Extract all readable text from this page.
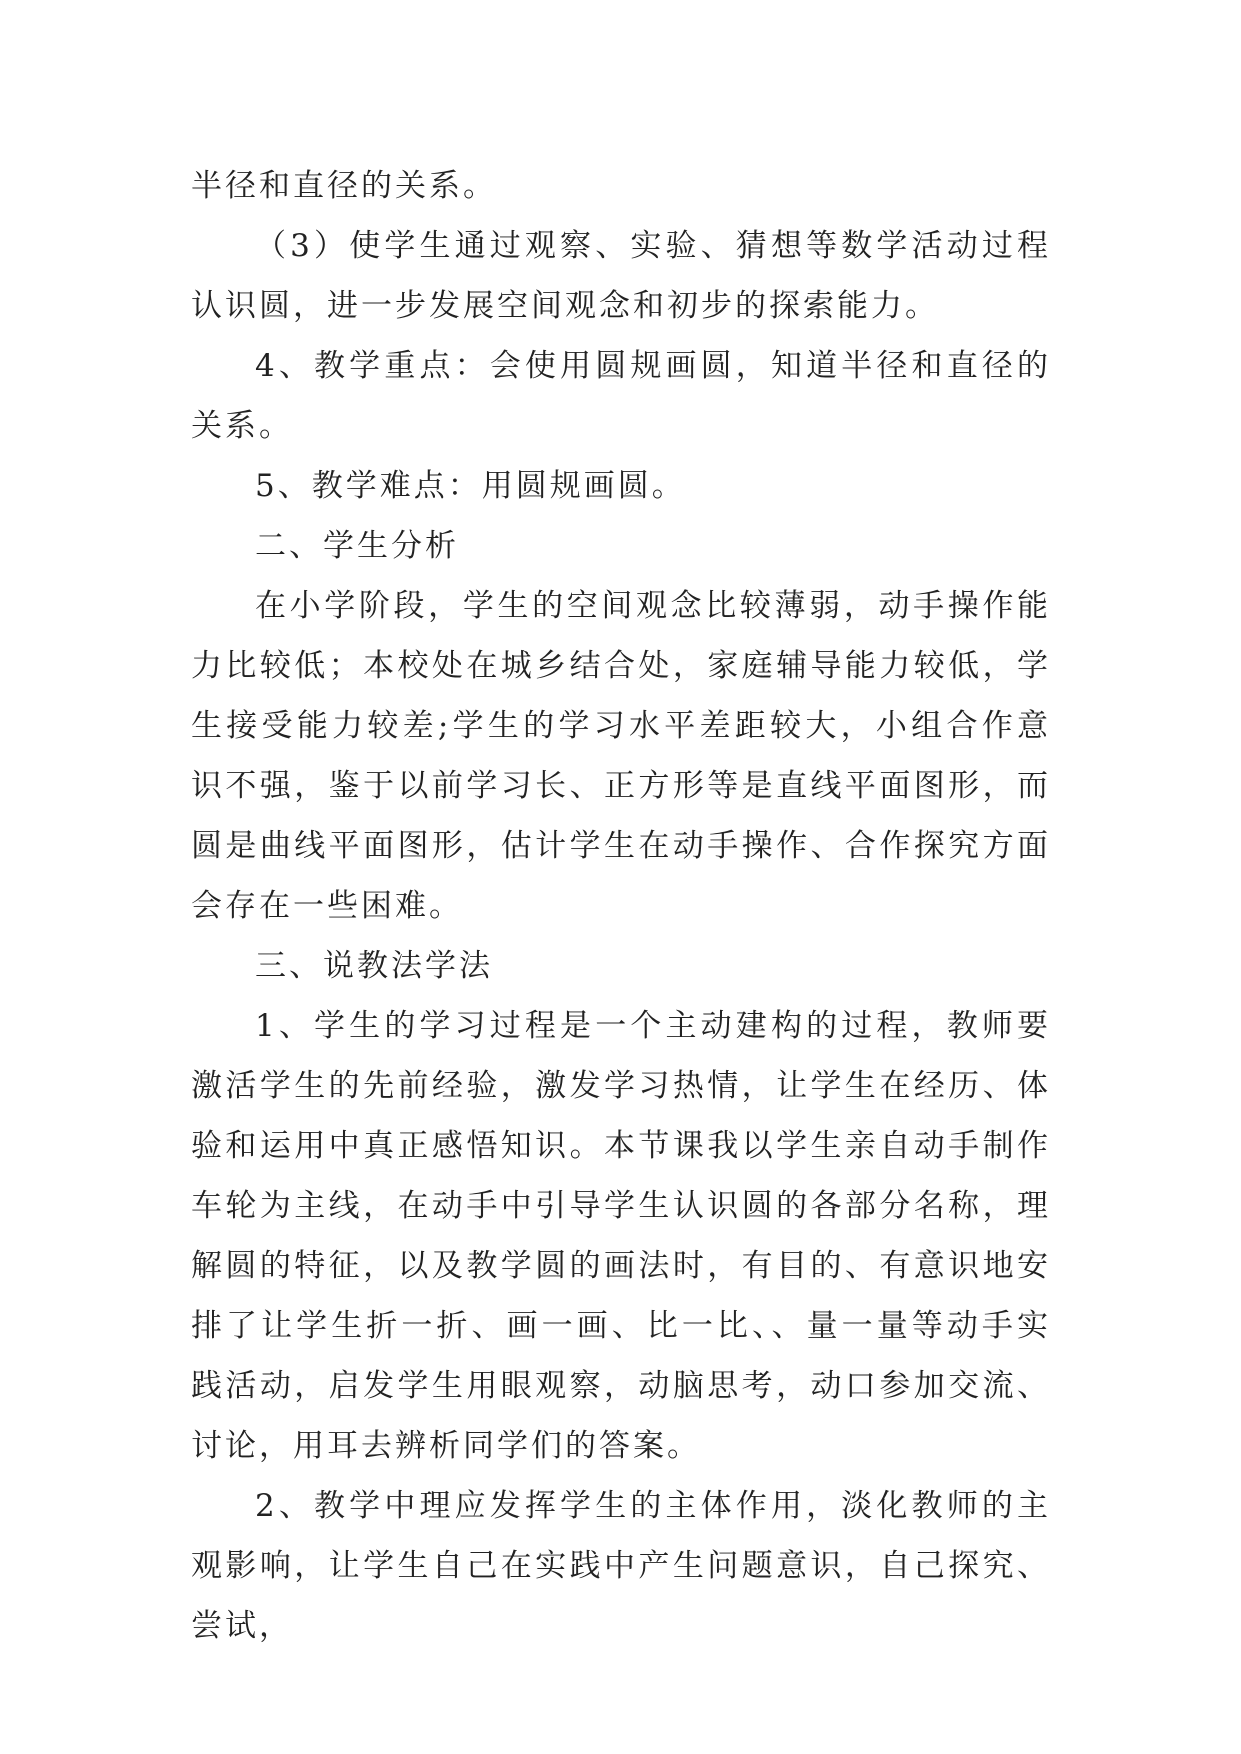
半径和直径的关系。

（3）使学生通过观察、实验、猜想等数学活动过程认识圆，进一步发展空间观念和初步的探索能力。

4、教学重点：会使用圆规画圆，知道半径和直径的关系。

5、教学难点：用圆规画圆。

二、学生分析

在小学阶段，学生的空间观念比较薄弱，动手操作能力比较低；本校处在城乡结合处，家庭辅导能力较低，学生接受能力较差;学生的学习水平差距较大，小组合作意识不强，鉴于以前学习长、正方形等是直线平面图形，而圆是曲线平面图形，估计学生在动手操作、合作探究方面会存在一些困难。

三、说教法学法

1、学生的学习过程是一个主动建构的过程，教师要激活学生的先前经验，激发学习热情，让学生在经历、体验和运用中真正感悟知识。本节课我以学生亲自动手制作车轮为主线，在动手中引导学生认识圆的各部分名称，理解圆的特征，以及教学圆的画法时，有目的、有意识地安排了让学生折一折、画一画、比一比、、量一量等动手实践活动，启发学生用眼观察，动脑思考，动口参加交流、讨论，用耳去辨析同学们的答案。

2、教学中理应发挥学生的主体作用，淡化教师的主观影响，让学生自己在实践中产生问题意识，自己探究、尝试，
